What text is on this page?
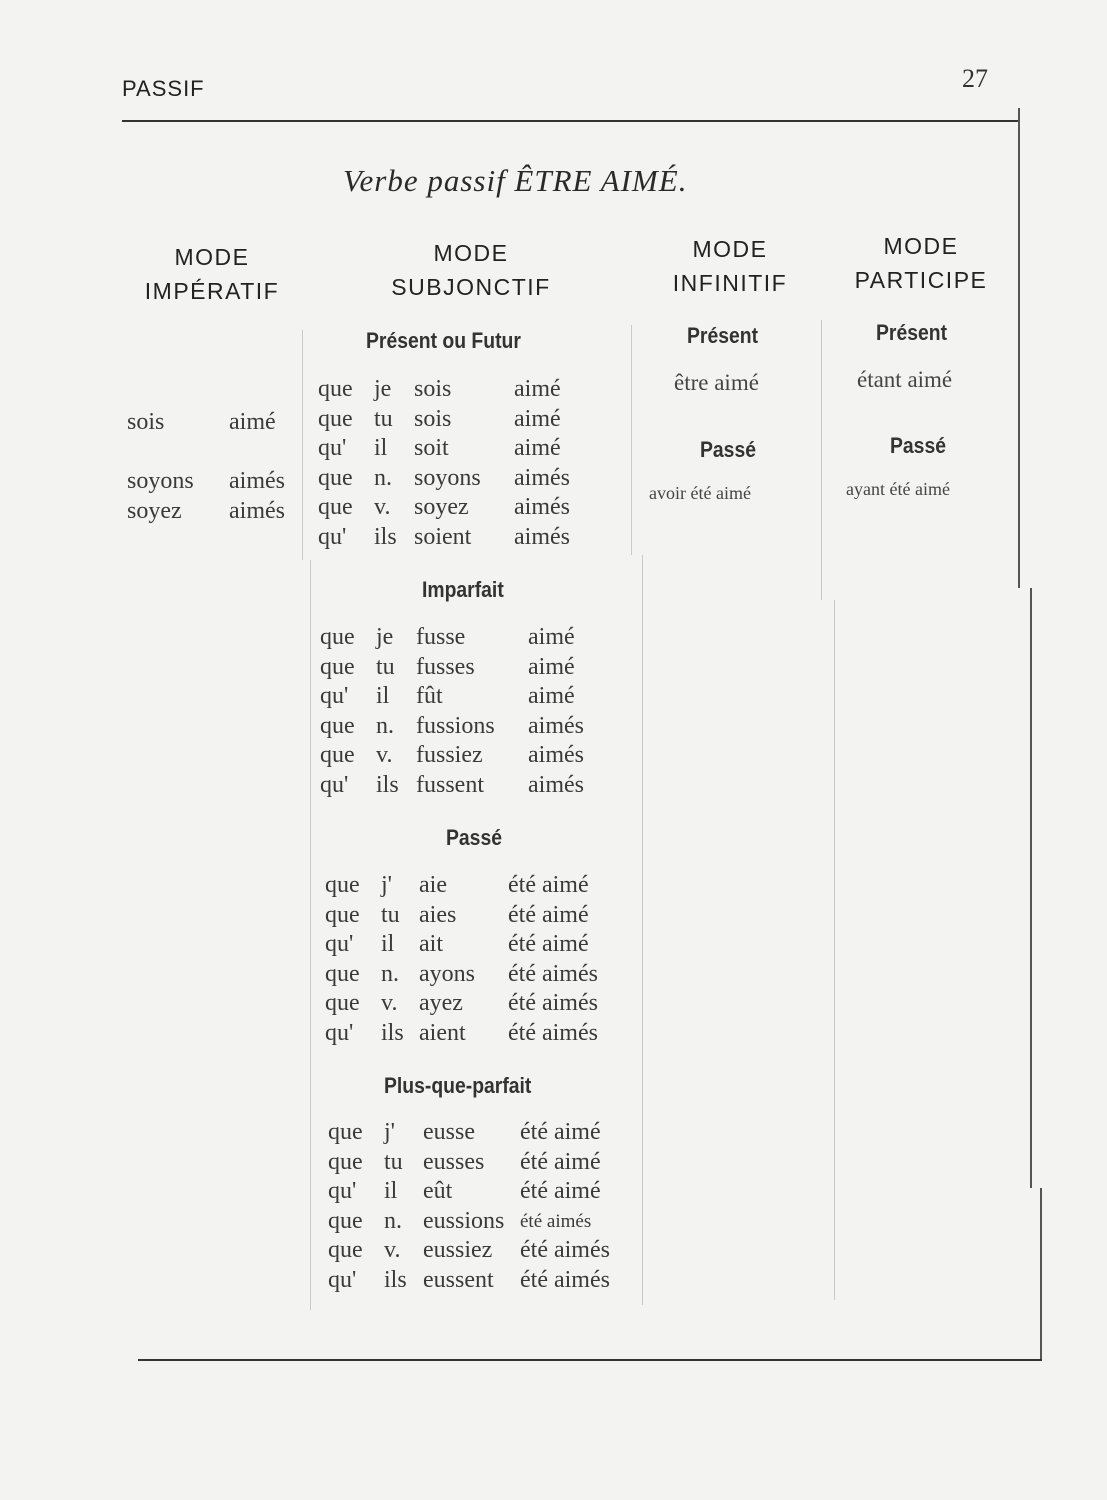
PASSIF	27
Verbe passif ÊTRE AIMÉ.
MODE
IMPÉRATIF
MODE
SUBJONCTIF
MODE
INFINITIF
MODE
PARTICIPE
sois	aimé
soyons aimés
soyez aimés
Présent ou Futur
que je sois	aimé
que tu sois	aimé
qu' il soit	aimé
que n. soyons aimés
que v. soyez aimés
qu' ils soient aimés
Imparfait
que je fusse	aimé
que tu fusses aimé
qu' il fût	aimé
que n. fussions aimés
que v. fussiez aimés
qu' ils fussent aimés
Passé
que j' aie	été aimé
que tu aies été aimé
qu' il ait	été aimé
que n. ayons été aimés
que v. ayez été aimés
qu' ils aient été aimés
Plus-que-parfait
que j' eusse été aimé
que tu eusses été aimé
qu' il eût	été aimé
que n. eussions été aimés
que v. eussiez été aimés
qu' ils eussent été aimés
Présent
être aimé
Passé
avoir été aimé
Présent
étant aimé
Passé
ayant été aimé
